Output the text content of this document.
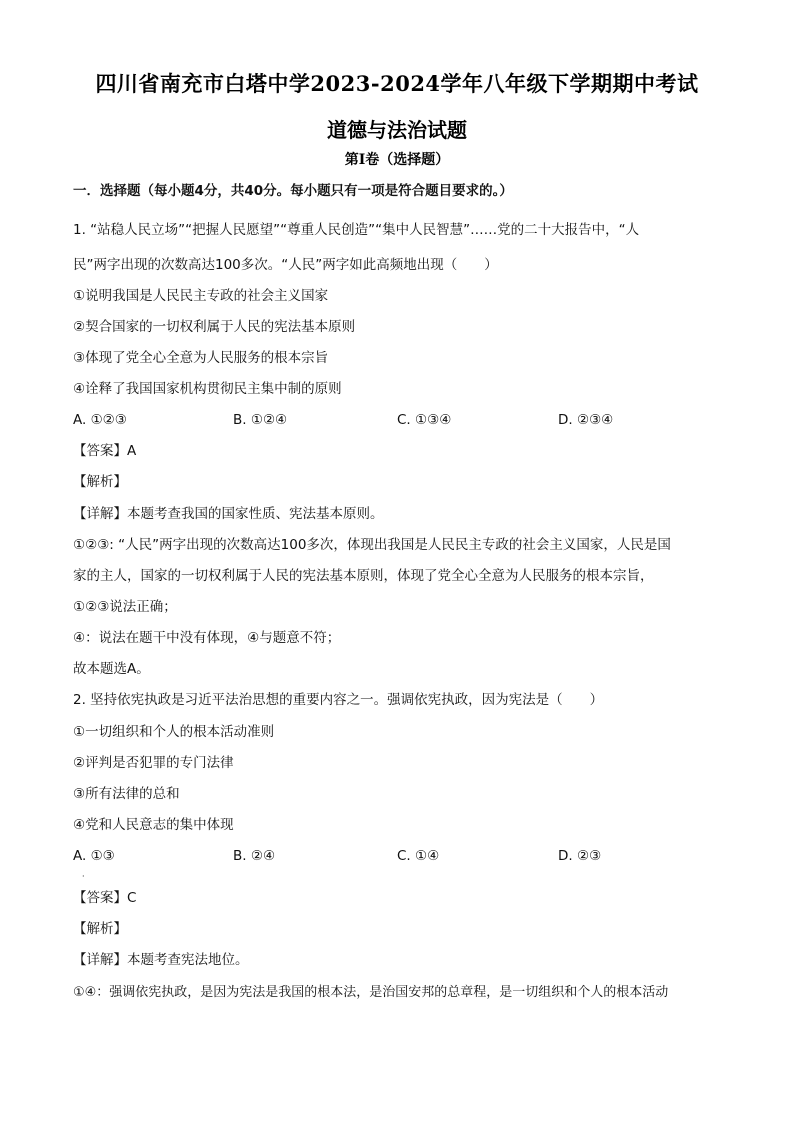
四川省南充市白塔中学2023-2024学年八年级下学期期中考试
道德与法治试题
第Ⅰ卷（选择题）
一．选择题（每小题4分，共40分。每小题只有一项是符合题目要求的。）
1. “站稳人民立场”“把握人民愿望”“尊重人民创造”“集中人民智慧”……党的二十大报告中，“人
民”两字出现的次数高达100多次。“人民”两字如此高频地出现（　　）
①说明我国是人民民主专政的社会主义国家
②契合国家的一切权利属于人民的宪法基本原则
③体现了党全心全意为人民服务的根本宗旨
④诠释了我国国家机构贯彻民主集中制的原则
A. ①②③	B. ①②④	C. ①③④	D. ②③④
【答案】A
【解析】
【详解】本题考查我国的国家性质、宪法基本原则。
①②③: “人民”两字出现的次数高达100多次，体现出我国是人民民主专政的社会主义国家，人民是国
家的主人，国家的一切权利属于人民的宪法基本原则，体现了党全心全意为人民服务的根本宗旨，
①②③说法正确；
④：说法在题干中没有体现，④与题意不符；
故本题选A。
2. 坚持依宪执政是习近平法治思想的重要内容之一。强调依宪执政，因为宪法是（　　）
①一切组织和个人的根本活动准则
②评判是否犯罪的专门法律
③所有法律的总和
④党和人民意志的集中体现
A. ①③	B. ②④	C. ①④	D. ②③
·
【答案】C
【解析】
【详解】本题考查宪法地位。
①④：强调依宪执政，是因为宪法是我国的根本法，是治国安邦的总章程，是一切组织和个人的根本活动
